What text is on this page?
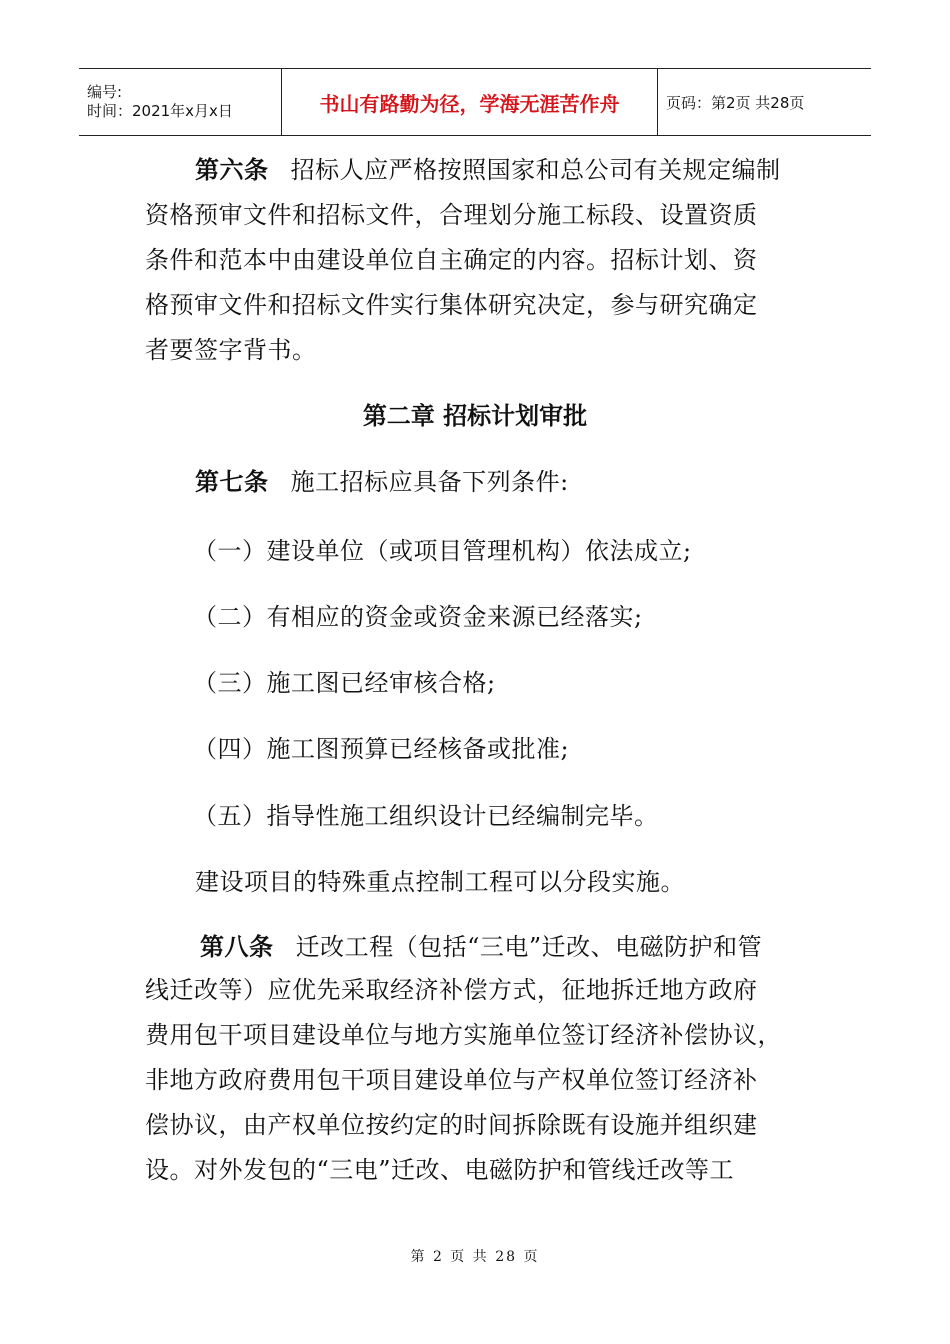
编号:
时间：2021年x月x日	书山有路勤为径，学海无涯苦作舟	页码：第2页 共28页
第六条 招标人应严格按照国家和总公司有关规定编制
资格预审文件和招标文件，合理划分施工标段、设置资质
条件和范本中由建设单位自主确定的内容。招标计划、资
格预审文件和招标文件实行集体研究决定，参与研究确定
者要签字背书。
第二章 招标计划审批
第七条 施工招标应具备下列条件:
（一）建设单位（或项目管理机构）依法成立;
（二）有相应的资金或资金来源已经落实;
（三）施工图已经审核合格;
（四）施工图预算已经核备或批准;
（五）指导性施工组织设计已经编制完毕。
建设项目的特殊重点控制工程可以分段实施。
第八条 迁改工程（包括“三电”迁改、电磁防护和管
线迁改等）应优先采取经济补偿方式，征地拆迁地方政府
费用包干项目建设单位与地方实施单位签订经济补偿协议，
非地方政府费用包干项目建设单位与产权单位签订经济补
偿协议，由产权单位按约定的时间拆除既有设施并组织建
设。对外发包的“三电”迁改、电磁防护和管线迁改等工
第 2 页 共 28 页
